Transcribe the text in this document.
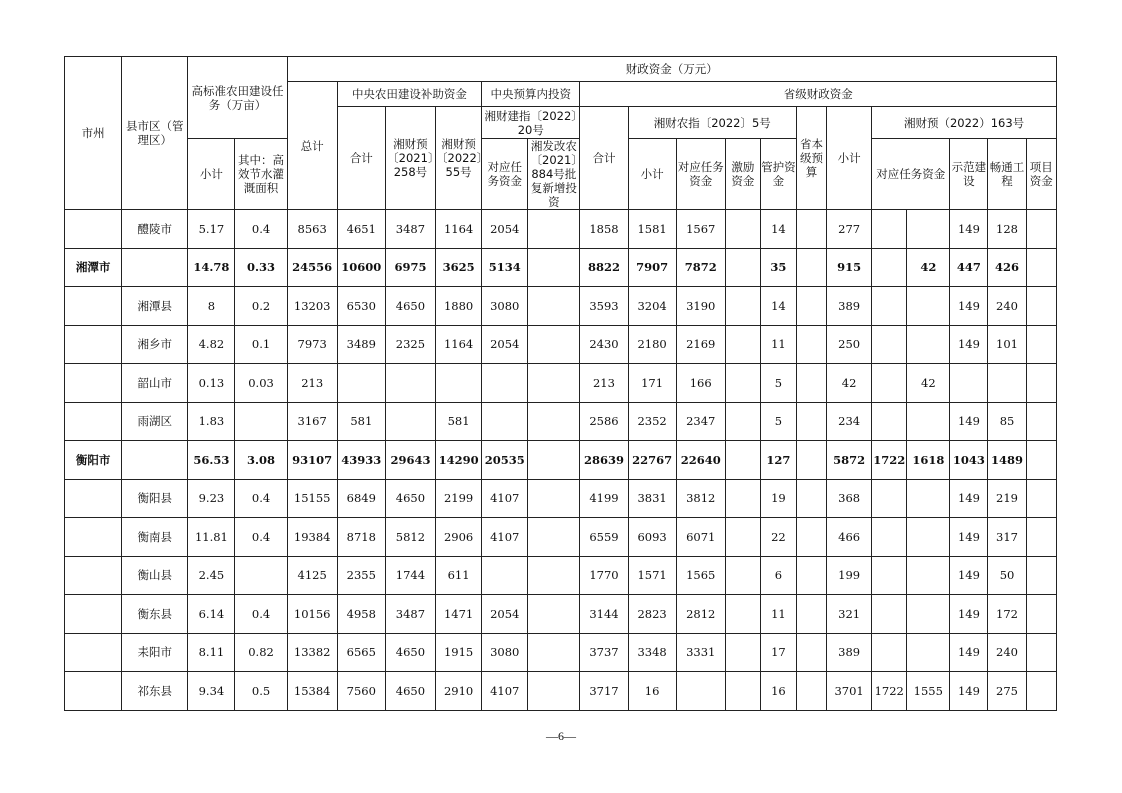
市州	县市区（管理区）	高标准农田建设任务（万亩）		财政资金（万元）																	
				总计	中央农田建设补助资金			中央预算内投资		省级财政资金											
					合计	湘财预〔2021〕258号	湘财预〔2022〕55号	湘财建指〔2022〕20号		合计	湘财农指〔2022〕5号				省本级预算	小计	湘财预（2022）163号				
		小计	其中：高效节水灌溉面积					对应任务资金	湘发改农〔2021〕884号批复新增投资		小计	对应任务资金	激励资金	管护资金			对应任务资金		示范建设	畅通工程	项目资金
	醴陵市	5.17	0.4	8563	4651	3487	1164	2054		1858	1581	1567		14		277			149	128	
湘潭市		14.78	0.33	24556	10600	6975	3625	5134		8822	7907	7872		35		915		42	447	426	
	湘潭县	8	0.2	13203	6530	4650	1880	3080		3593	3204	3190		14		389			149	240	
	湘乡市	4.82	0.1	7973	3489	2325	1164	2054		2430	2180	2169		11		250			149	101	
	韶山市	0.13	0.03	213						213	171	166		5		42		42			
	雨湖区	1.83		3167	581		581			2586	2352	2347		5		234			149	85	
衡阳市		56.53	3.08	93107	43933	29643	14290	20535		28639	22767	22640		127		5872	1722	1618	1043	1489	
	衡阳县	9.23	0.4	15155	6849	4650	2199	4107		4199	3831	3812		19		368			149	219	
	衡南县	11.81	0.4	19384	8718	5812	2906	4107		6559	6093	6071		22		466			149	317	
	衡山县	2.45		4125	2355	1744	611			1770	1571	1565		6		199			149	50	
	衡东县	6.14	0.4	10156	4958	3487	1471	2054		3144	2823	2812		11		321			149	172	
	耒阳市	8.11	0.82	13382	6565	4650	1915	3080		3737	3348	3331		17		389			149	240	
	祁东县	9.34	0.5	15384	7560	4650	2910	4107		3717	16			16		3701	1722	1555	149	275	
—6—
